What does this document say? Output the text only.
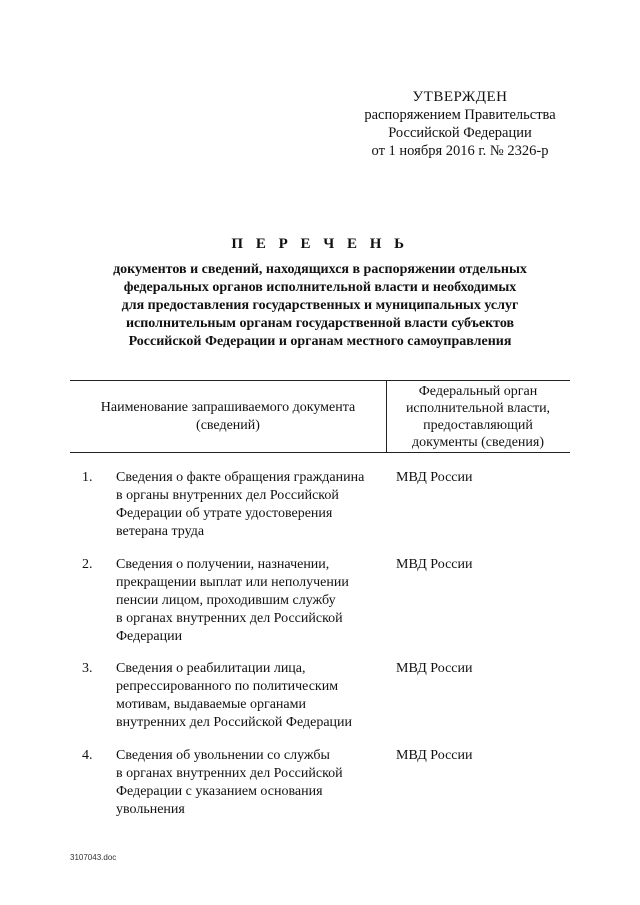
УТВЕРЖДЕН
распоряжением Правительства
Российской Федерации
от 1 ноября 2016 г. № 2326-р
П Е Р Е Ч Е Н Ь
документов и сведений, находящихся в распоряжении отдельных
федеральных органов исполнительной власти и необходимых
для предоставления государственных и муниципальных услуг
исполнительным органам государственной власти субъектов
Российской Федерации и органам местного самоуправления
Наименование запрашиваемого документа
(сведений)
Федеральный орган
исполнительной власти,
предоставляющий
документы (сведения)
1. Сведения о факте обращения гражданина
в органы внутренних дел Российской
Федерации об утрате удостоверения
ветерана труда
МВД России
2. Сведения о получении, назначении,
прекращении выплат или неполучении
пенсии лицом, проходившим службу
в органах внутренних дел Российской
Федерации
МВД России
3. Сведения о реабилитации лица,
репрессированного по политическим
мотивам, выдаваемые органами
внутренних дел Российской Федерации
МВД России
4. Сведения об увольнении со службы
в органах внутренних дел Российской
Федерации с указанием основания
увольнения
МВД России
3107043.doc
